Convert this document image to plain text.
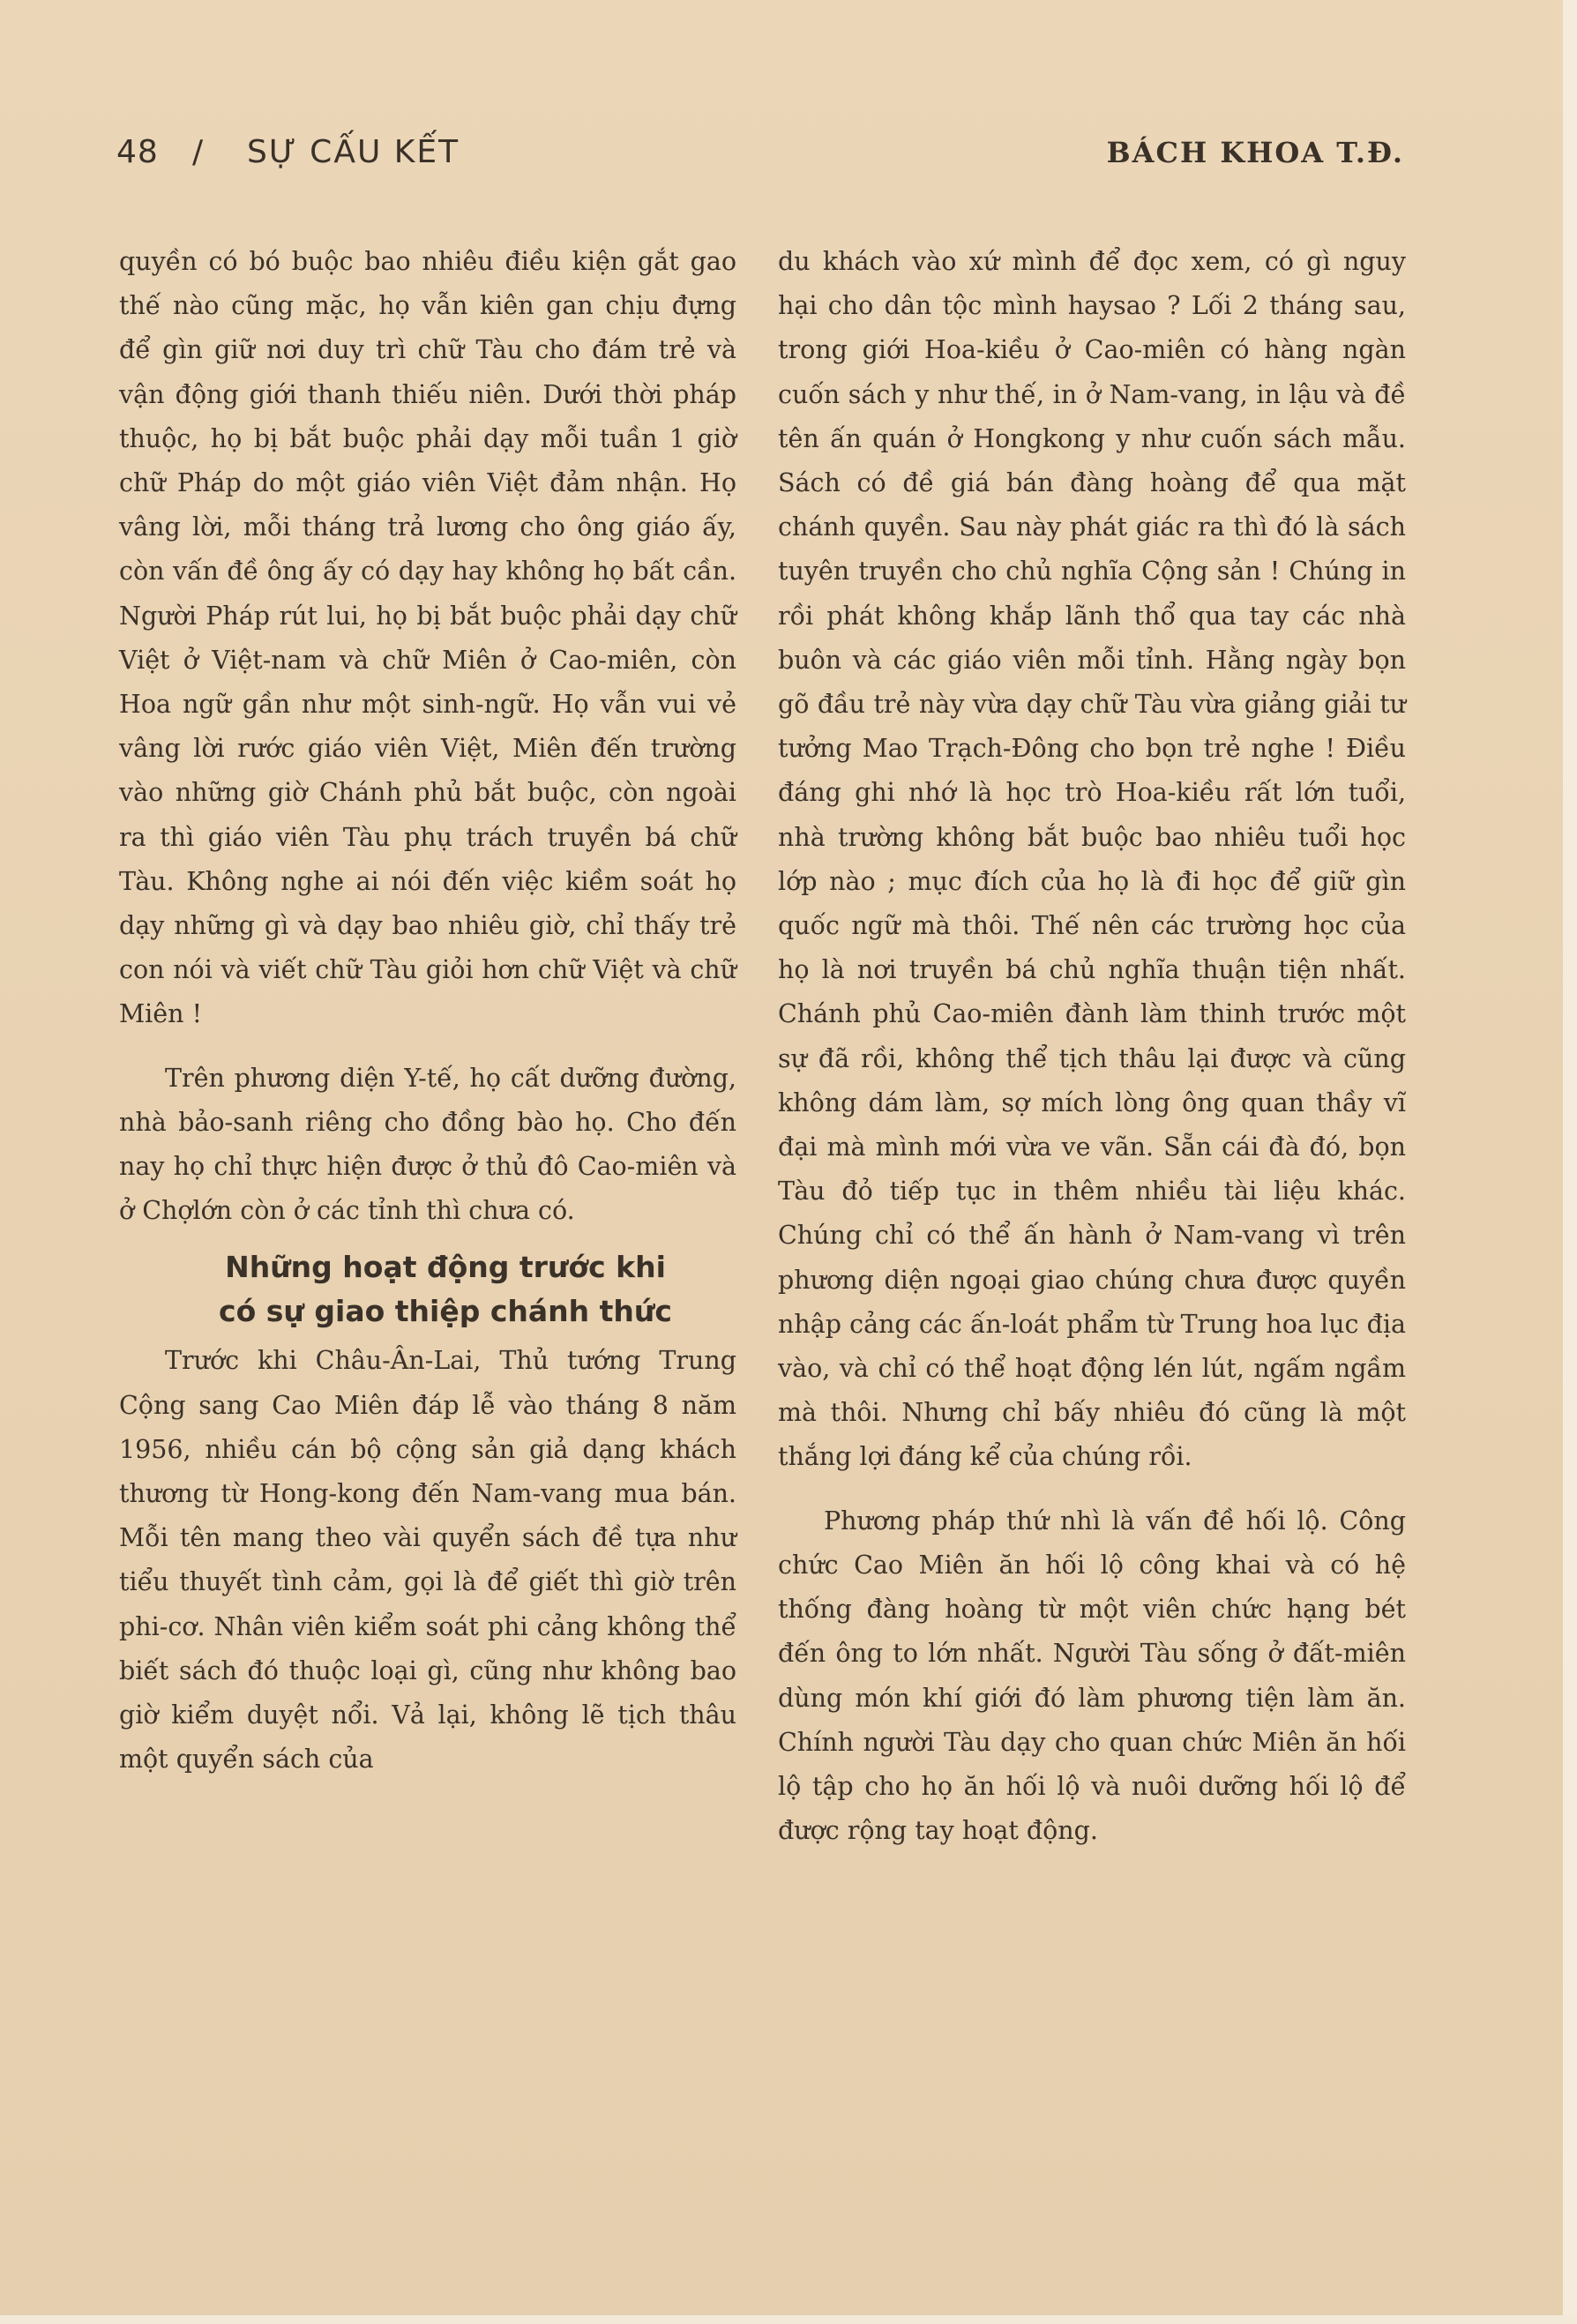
48 / SỰ CẤU KẾT	BÁCH KHOA T.Đ.

quyền có bó buộc bao nhiêu điều kiện gắt gao thế nào cũng mặc, họ vẫn kiên gan chịu đựng để gìn giữ nơi duy trì chữ Tàu cho đám trẻ và vận động giới thanh thiếu niên. Dưới thời pháp thuộc, họ bị bắt buộc phải dạy mỗi tuần 1 giờ chữ Pháp do một giáo viên Việt đảm nhận. Họ vâng lời, mỗi tháng trả lương cho ông giáo ấy, còn vấn đề ông ấy có dạy hay không họ bất cần. Người Pháp rút lui, họ bị bắt buộc phải dạy chữ Việt ở Việt-nam và chữ Miên ở Cao-miên, còn Hoa ngữ gần như một sinh-ngữ. Họ vẫn vui vẻ vâng lời rước giáo viên Việt, Miên đến trường vào những giờ Chánh phủ bắt buộc, còn ngoài ra thì giáo viên Tàu phụ trách truyền bá chữ Tàu. Không nghe ai nói đến việc kiềm soát họ dạy những gì và dạy bao nhiêu giờ, chỉ thấy trẻ con nói và viết chữ Tàu giỏi hơn chữ Việt và chữ Miên !

Trên phương diện Y-tế, họ cất dưỡng đường, nhà bảo-sanh riêng cho đồng bào họ. Cho đến nay họ chỉ thực hiện được ở thủ đô Cao-miên và ở Chợlớn còn ở các tỉnh thì chưa có.

Những hoạt động trước khi
có sự giao thiệp chánh thức

Trước khi Châu-Ân-Lai, Thủ tướng Trung Cộng sang Cao Miên đáp lễ vào tháng 8 năm 1956, nhiều cán bộ cộng sản giả dạng khách thương từ Hong-kong đến Nam-vang mua bán. Mỗi tên mang theo vài quyển sách đề tựa như tiểu thuyết tình cảm, gọi là để giết thì giờ trên phi-cơ. Nhân viên kiểm soát phi cảng không thể biết sách đó thuộc loại gì, cũng như không bao giờ kiểm duyệt nổi. Vả lại, không lẽ tịch thâu một quyển sách của

du khách vào xứ mình để đọc xem, có gì nguy hại cho dân tộc mình haysao ? Lối 2 tháng sau, trong giới Hoa-kiều ở Cao-miên có hàng ngàn cuốn sách y như thế, in ở Nam-vang, in lậu và đề tên ấn quán ở Hongkong y như cuốn sách mẫu. Sách có đề giá bán đàng hoàng để qua mặt chánh quyền. Sau này phát giác ra thì đó là sách tuyên truyền cho chủ nghĩa Cộng sản ! Chúng in rồi phát không khắp lãnh thổ qua tay các nhà buôn và các giáo viên mỗi tỉnh. Hằng ngày bọn gõ đầu trẻ này vừa dạy chữ Tàu vừa giảng giải tư tưởng Mao Trạch-Đông cho bọn trẻ nghe ! Điều đáng ghi nhớ là học trò Hoa-kiều rất lớn tuổi, nhà trường không bắt buộc bao nhiêu tuổi học lớp nào ; mục đích của họ là đi học để giữ gìn quốc ngữ mà thôi. Thế nên các trường học của họ là nơi truyền bá chủ nghĩa thuận tiện nhất. Chánh phủ Cao-miên đành làm thinh trước một sự đã rồi, không thể tịch thâu lại được và cũng không dám làm, sợ mích lòng ông quan thầy vĩ đại mà mình mới vừa ve vãn. Sẵn cái đà đó, bọn Tàu đỏ tiếp tục in thêm nhiều tài liệu khác. Chúng chỉ có thể ấn hành ở Nam-vang vì trên phương diện ngoại giao chúng chưa được quyền nhập cảng các ấn-loát phẩm từ Trung hoa lục địa vào, và chỉ có thể hoạt động lén lút, ngấm ngầm mà thôi. Nhưng chỉ bấy nhiêu đó cũng là một thắng lợi đáng kể của chúng rồi.

Phương pháp thứ nhì là vấn đề hối lộ. Công chức Cao Miên ăn hối lộ công khai và có hệ thống đàng hoàng từ một viên chức hạng bét đến ông to lớn nhất. Người Tàu sống ở đất-miên dùng món khí giới đó làm phương tiện làm ăn. Chính người Tàu dạy cho quan chức Miên ăn hối lộ tập cho họ ăn hối lộ và nuôi dưỡng hối lộ để được rộng tay hoạt động.
